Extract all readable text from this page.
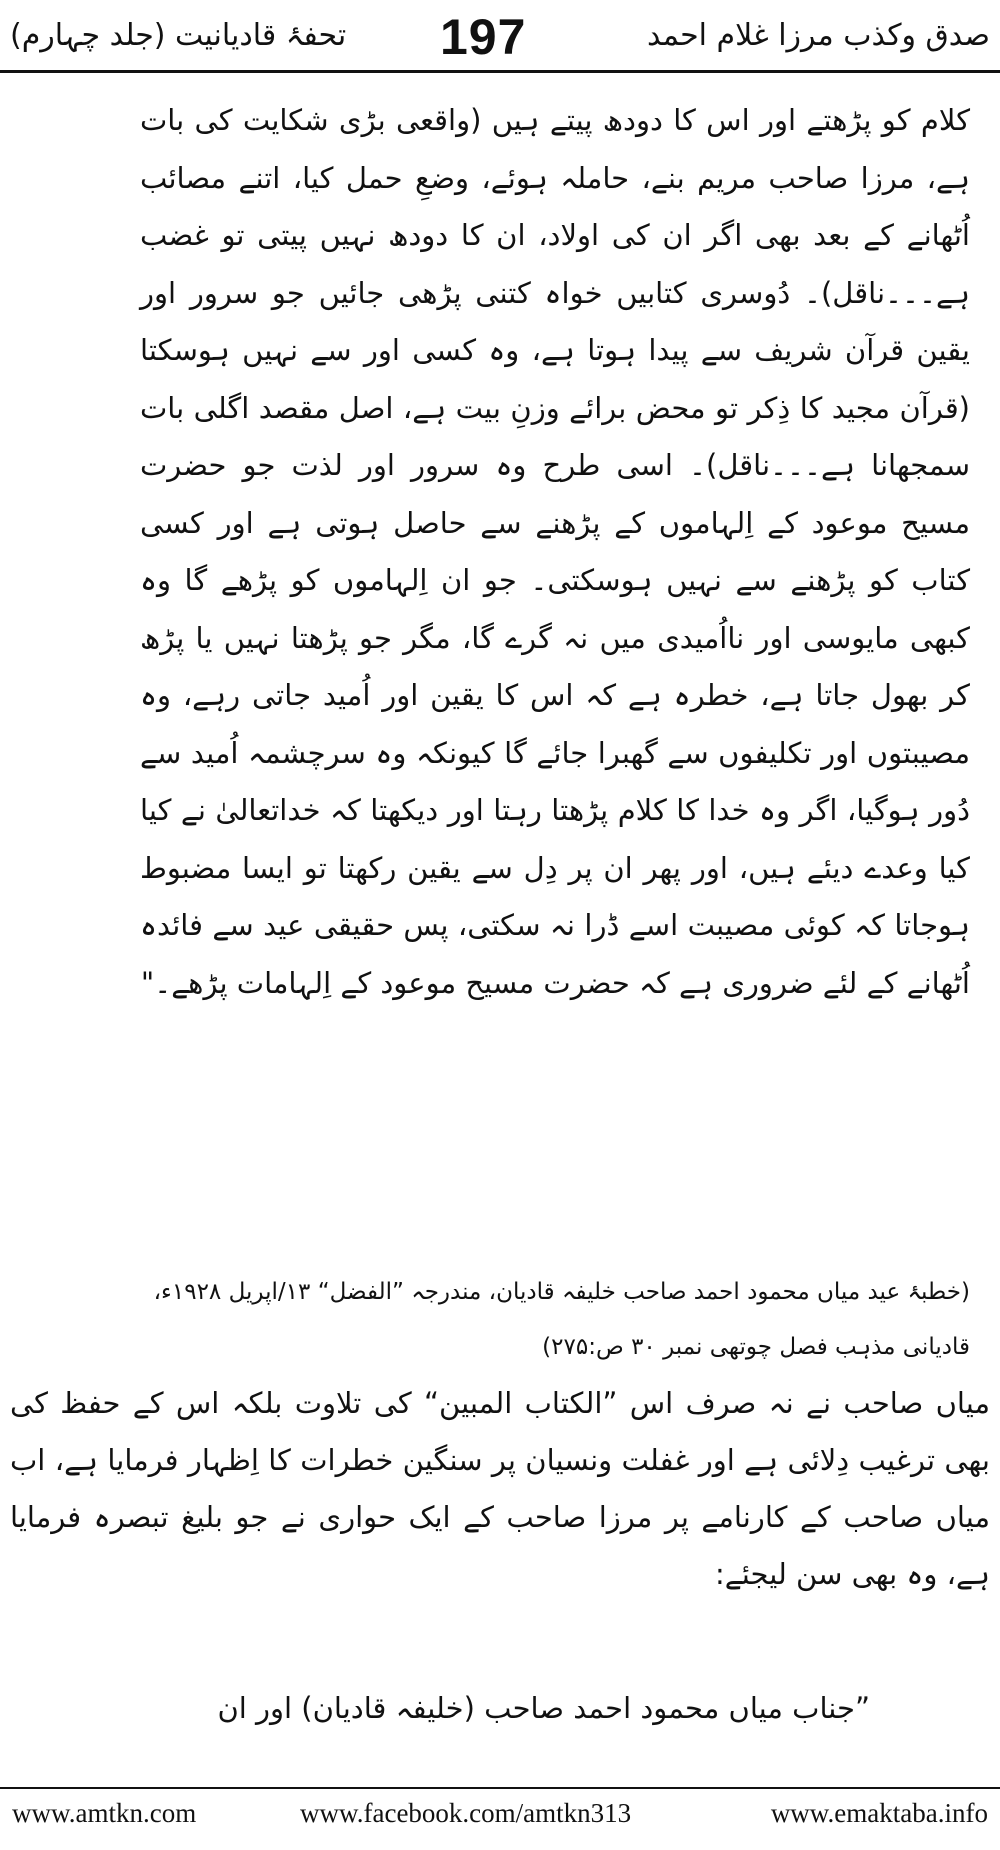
تحفۂ قادیانیت (جلد چہارم) 197	صدق وکذب مرزا غلام احمد
کلام کو پڑھتے اور اس کا دودھ پیتے ہیں (واقعی بڑی شکایت کی بات ہے، مرزا صاحب مریم بنے، حاملہ ہوئے، وضعِ حمل کیا، اتنے مصائب اُٹھانے کے بعد بھی اگر ان کی اولاد، ان کا دودھ نہیں پیتی تو غضب ہے۔۔۔ناقل)۔ دُوسری کتابیں خواہ کتنی پڑھی جائیں جو سرور اور یقین قرآن شریف سے پیدا ہوتا ہے، وہ کسی اور سے نہیں ہوسکتا (قرآن مجید کا ذِکر تو محض برائے وزنِ بیت ہے، اصل مقصد اگلی بات سمجھانا ہے۔۔۔ناقل)۔ اسی طرح وہ سرور اور لذت جو حضرت مسیح موعود کے اِلہاموں کے پڑھنے سے حاصل ہوتی ہے اور کسی کتاب کو پڑھنے سے نہیں ہوسکتی۔ جو ان اِلہاموں کو پڑھے گا وہ کبھی مایوسی اور نااُمیدی میں نہ گرے گا، مگر جو پڑھتا نہیں یا پڑھ کر بھول جاتا ہے، خطرہ ہے کہ اس کا یقین اور اُمید جاتی رہے، وہ مصیبتوں اور تکلیفوں سے گھبرا جائے گا کیونکہ وہ سرچشمہ اُمید سے دُور ہوگیا، اگر وہ خدا کا کلام پڑھتا رہتا اور دیکھتا کہ خداتعالیٰ نے کیا کیا وعدے دیئے ہیں، اور پھر ان پر دِل سے یقین رکھتا تو ایسا مضبوط ہوجاتا کہ کوئی مصیبت اسے ڈرا نہ سکتی، پس حقیقی عید سے فائدہ اُٹھانے کے لئے ضروری ہے کہ حضرت مسیح موعود کے اِلہامات پڑھے۔"
(خطبۂ عید میاں محمود احمد صاحب خلیفہ قادیان، مندرجہ ”الفضل“ ۱۳/اپریل ۱۹۲۸ء، قادیانی مذہب فصل چوتھی نمبر ۳۰ ص:۲۷۵)
میاں صاحب نے نہ صرف اس ”الکتاب المبین“ کی تلاوت بلکہ اس کے حفظ کی بھی ترغیب دِلائی ہے اور غفلت ونسیان پر سنگین خطرات کا اِظہار فرمایا ہے، اب میاں صاحب کے کارنامے پر مرزا صاحب کے ایک حواری نے جو بلیغ تبصرہ فرمایا ہے، وہ بھی سن لیجئے:
”جناب میاں محمود احمد صاحب (خلیفہ قادیان) اور ان
www.amtkn.com	www.facebook.com/amtkn313	www.emaktaba.info
